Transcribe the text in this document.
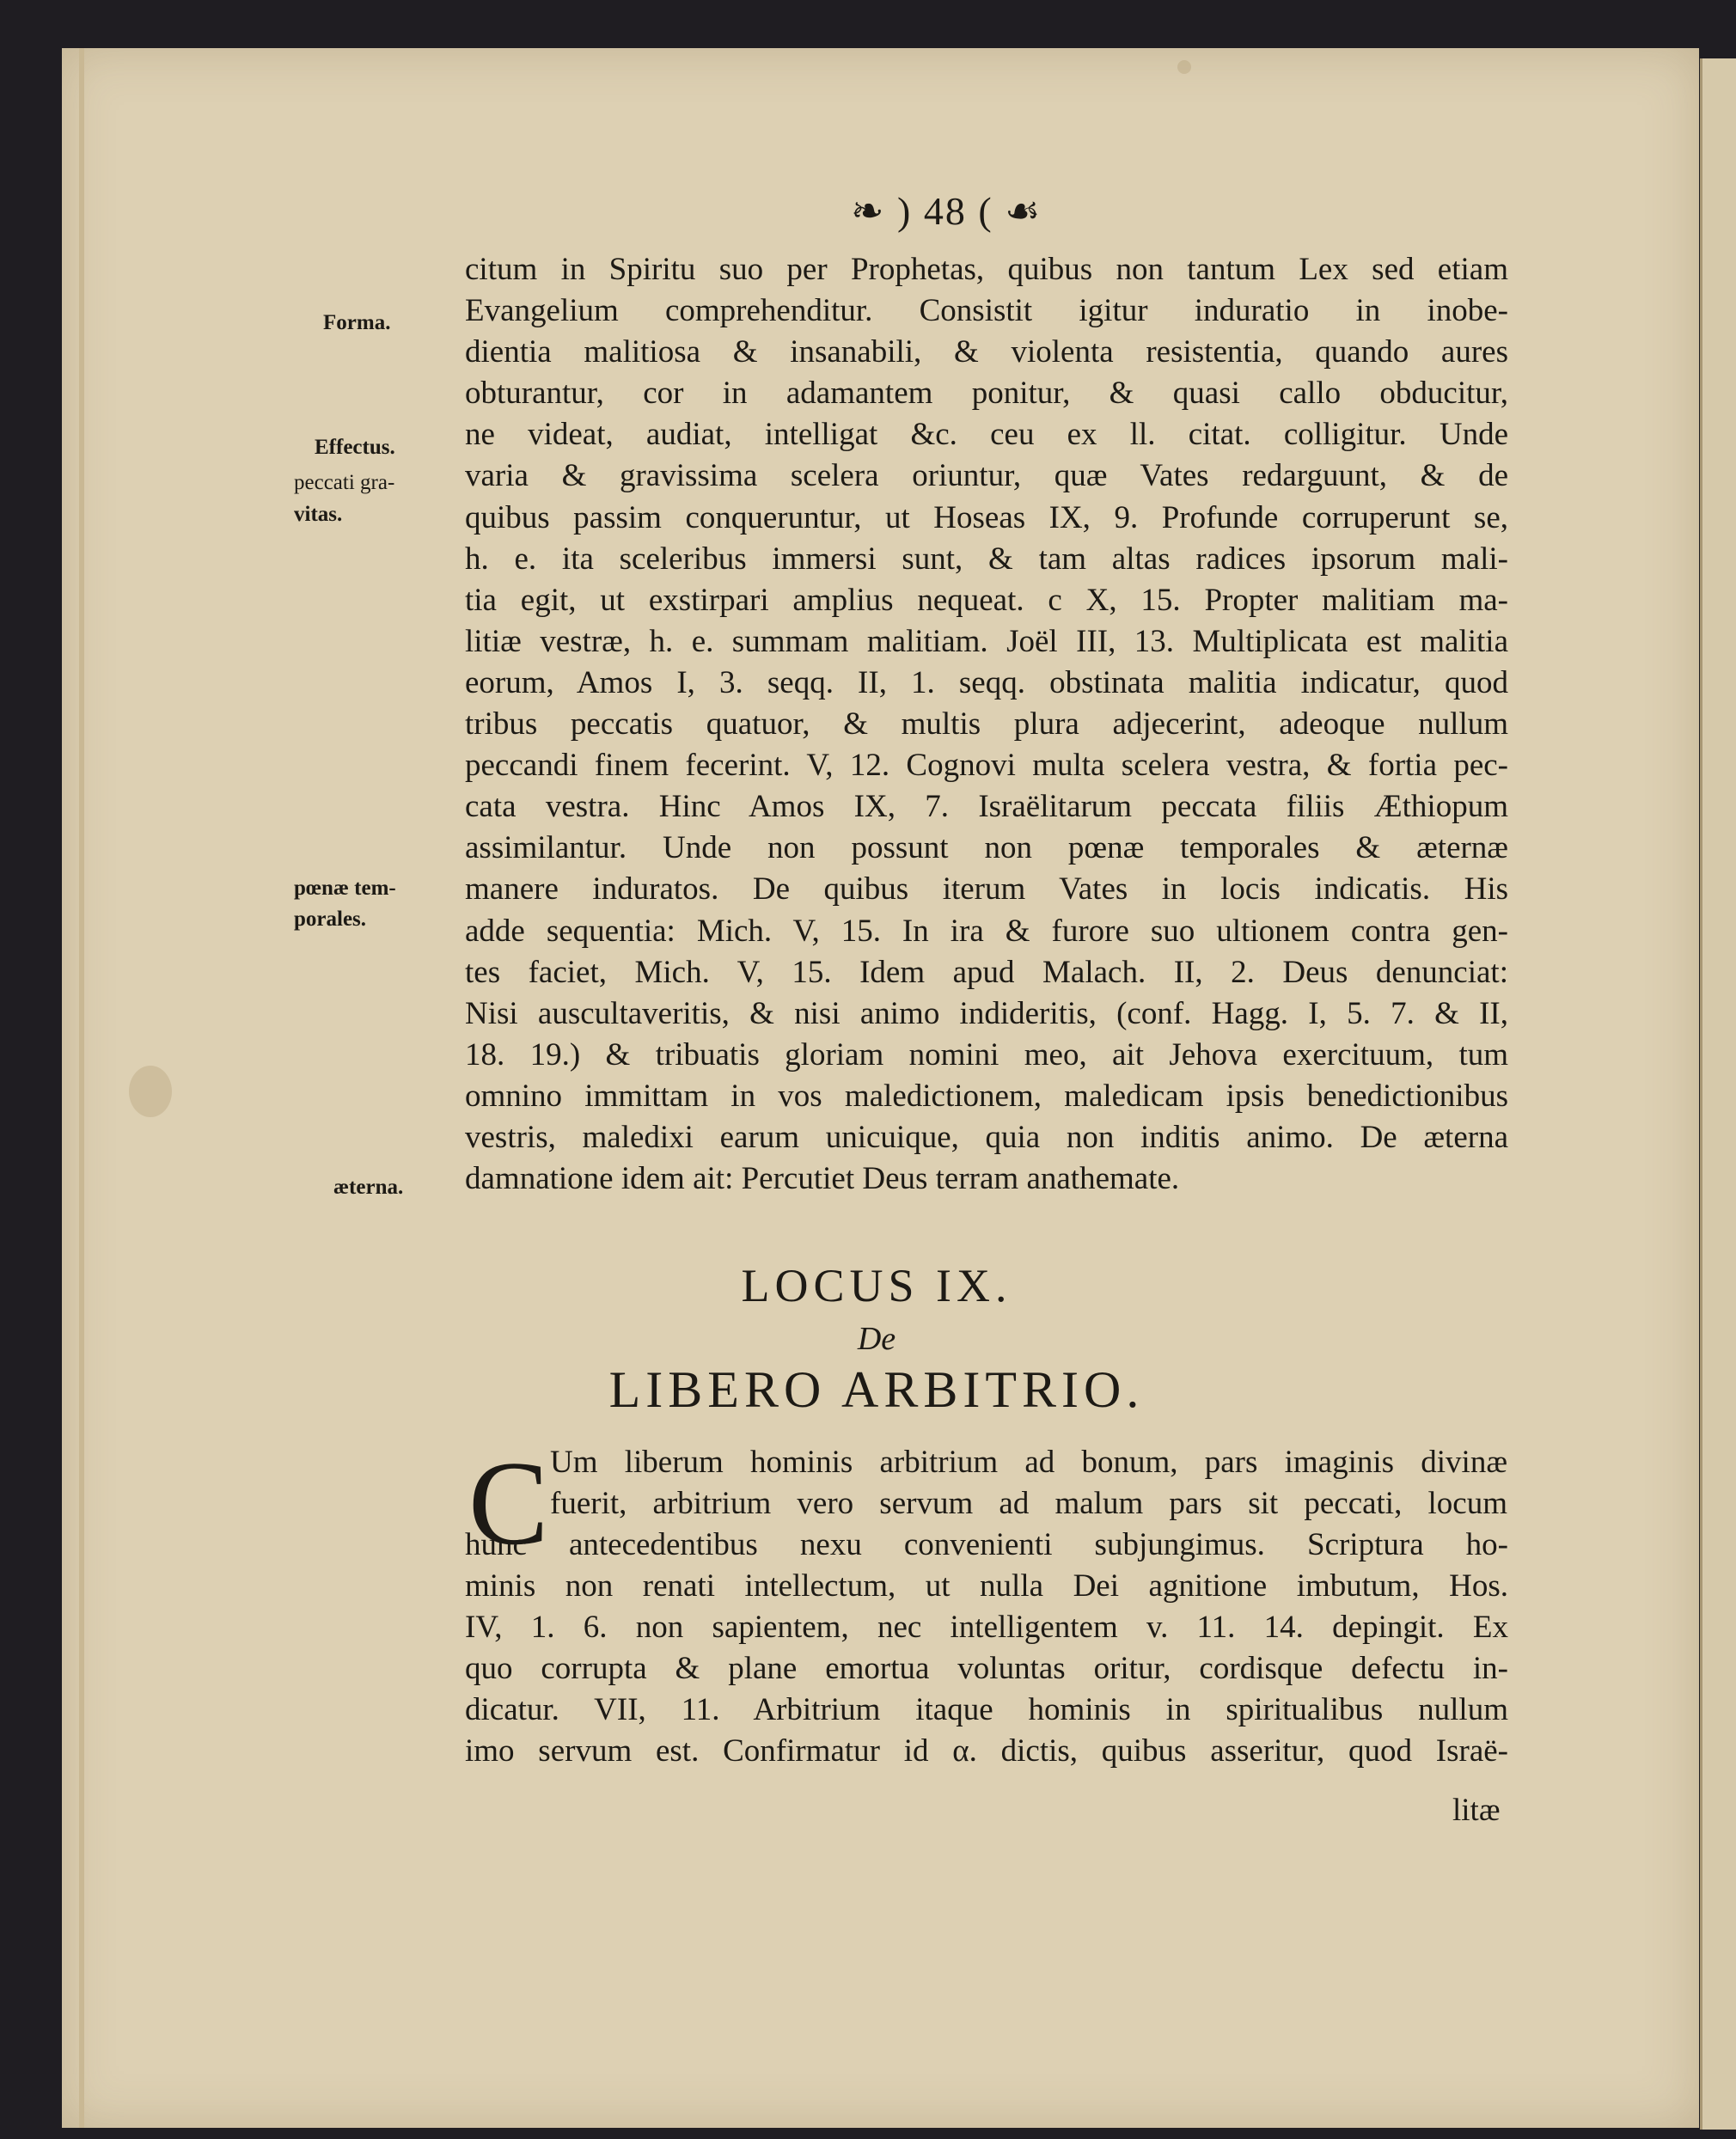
❧ ) 48 ( ☙
Forma.
Effectus.
peccati gra-
vitas.
pœnæ tem-
porales.
æterna.
citum in Spiritu suo per Prophetas, quibus non tantum Lex sed etiam
Evangelium comprehenditur. Consistit igitur induratio in inobe-
dientia malitiosa & insanabili, & violenta resistentia, quando aures
obturantur, cor in adamantem ponitur, & quasi callo obducitur,
ne videat, audiat, intelligat &c. ceu ex ll. citat. colligitur. Unde
varia & gravissima scelera oriuntur, quæ Vates redarguunt, & de
quibus passim conqueruntur, ut Hoseas IX, 9. Profunde corruperunt se,
h. e. ita sceleribus immersi sunt, & tam altas radices ipsorum mali-
tia egit, ut exstirpari amplius nequeat. c X, 15. Propter malitiam ma-
litiæ vestræ, h. e. summam malitiam. Joël III, 13. Multiplicata est malitia
eorum, Amos I, 3. seqq. II, 1. seqq. obstinata malitia indicatur, quod
tribus peccatis quatuor, & multis plura adjecerint, adeoque nullum
peccandi finem fecerint. V, 12. Cognovi multa scelera vestra, & fortia pec-
cata vestra. Hinc Amos IX, 7. Israëlitarum peccata filiis Æthiopum
assimilantur. Unde non possunt non pœnæ temporales & æternæ
manere induratos. De quibus iterum Vates in locis indicatis. His
adde sequentia: Mich. V, 15. In ira & furore suo ultionem contra gen-
tes faciet, Mich. V, 15. Idem apud Malach. II, 2. Deus denunciat:
Nisi auscultaveritis, & nisi animo indideritis, (conf. Hagg. I, 5. 7. & II,
18. 19.) & tribuatis gloriam nomini meo, ait Jehova exercituum, tum
omnino immittam in vos maledictionem, maledicam ipsis benedictionibus
vestris, maledixi earum unicuique, quia non inditis animo. De æterna
damnatione idem ait: Percutiet Deus terram anathemate.
LOCUS IX.
De
LIBERO ARBITRIO.
C Um liberum hominis arbitrium ad bonum, pars imaginis divinæ
fuerit, arbitrium vero servum ad malum pars sit peccati, locum
hunc antecedentibus nexu convenienti subjungimus. Scriptura ho-
minis non renati intellectum, ut nulla Dei agnitione imbutum, Hos.
IV, 1. 6. non sapientem, nec intelligentem v. 11. 14. depingit. Ex
quo corrupta & plane emortua voluntas oritur, cordisque defectu in-
dicatur. VII, 11. Arbitrium itaque hominis in spiritualibus nullum
imo servum est. Confirmatur id α. dictis, quibus asseritur, quod Israë-
litæ
